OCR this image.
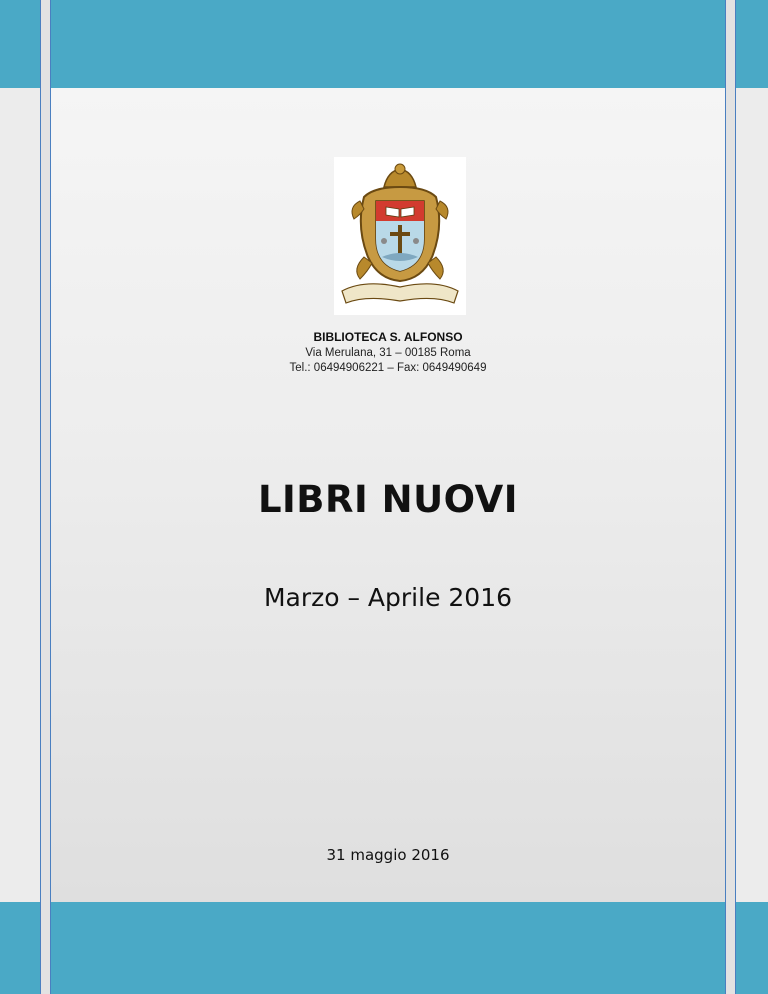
BIBLIOTECA S. ALFONSO
Via Merulana, 31 – 00185 Roma
Tel.: 06494906221 – Fax: 0649490649
LIBRI NUOVI
Marzo – Aprile 2016
31 maggio 2016
